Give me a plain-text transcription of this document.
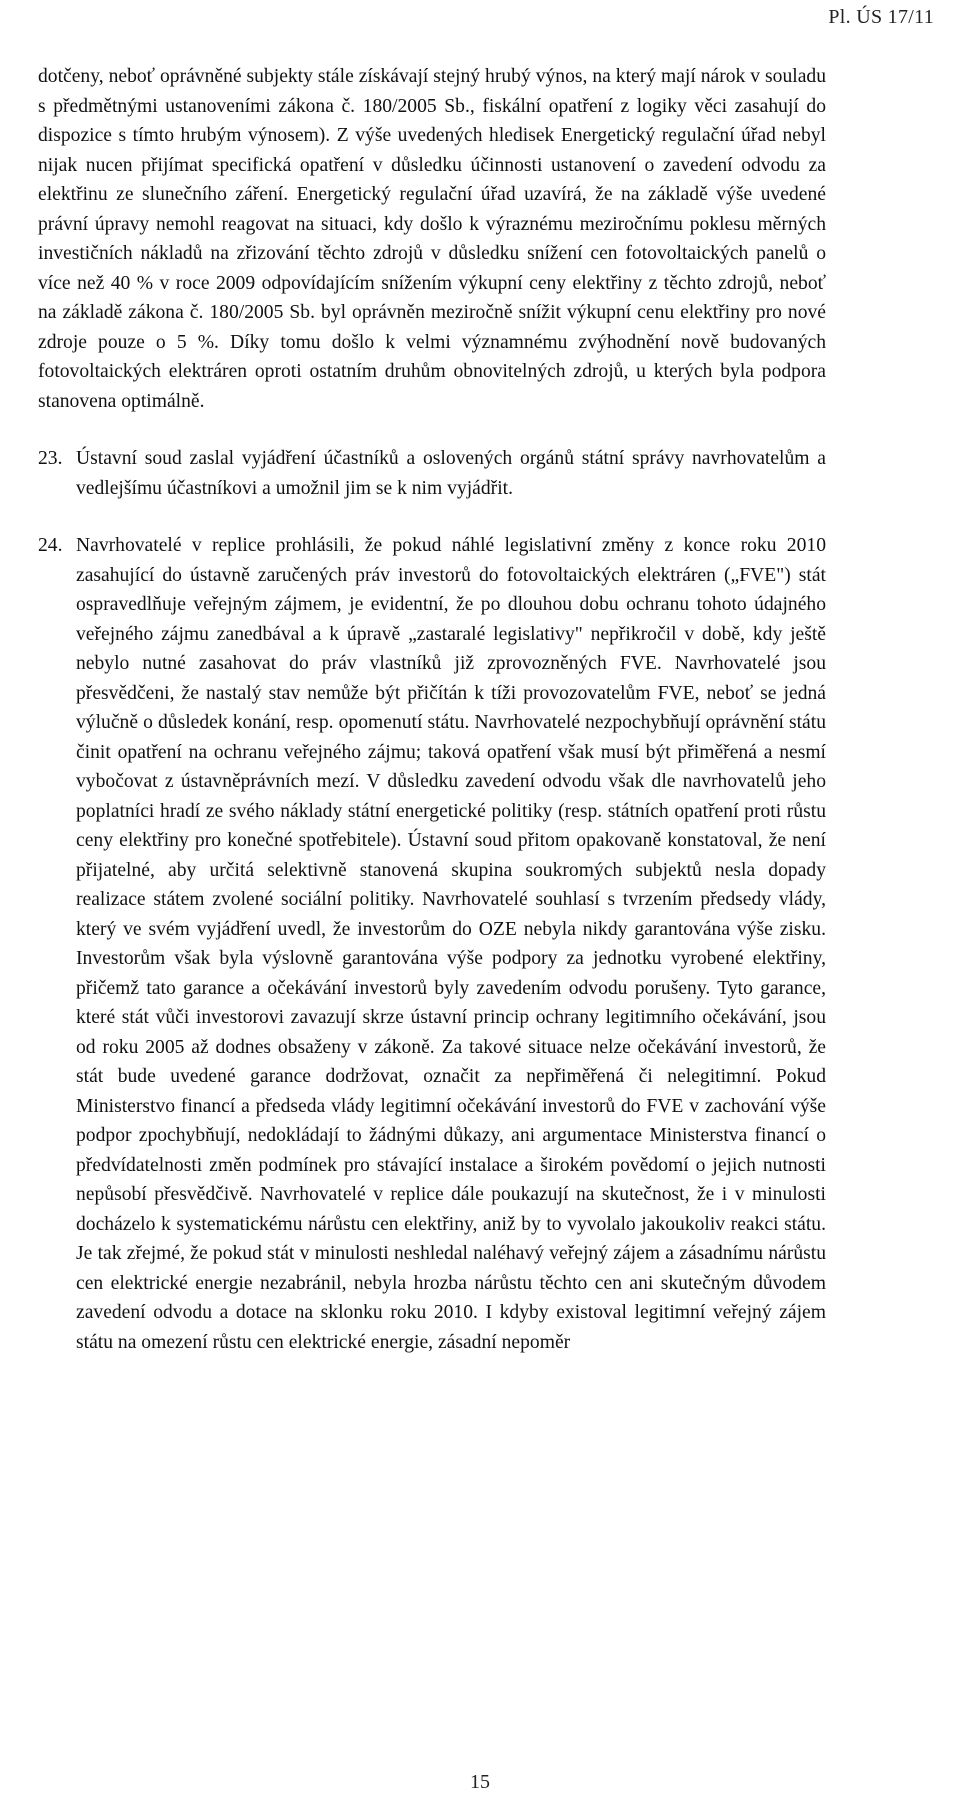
Pl. ÚS 17/11

dotčeny, neboť oprávněné subjekty stále získávají stejný hrubý výnos, na který mají nárok v souladu s předmětnými ustanoveními zákona č. 180/2005 Sb., fiskální opatření z logiky věci zasahují do dispozice s tímto hrubým výnosem). Z výše uvedených hledisek Energetický regulační úřad nebyl nijak nucen přijímat specifická opatření v důsledku účinnosti ustanovení o zavedení odvodu za elektřinu ze slunečního záření. Energetický regulační úřad uzavírá, že na základě výše uvedené právní úpravy nemohl reagovat na situaci, kdy došlo k výraznému meziročnímu poklesu měrných investičních nákladů na zřizování těchto zdrojů v důsledku snížení cen fotovoltaických panelů o více než 40 % v roce 2009 odpovídajícím snížením výkupní ceny elektřiny z těchto zdrojů, neboť na základě zákona č. 180/2005 Sb. byl oprávněn meziročně snížit výkupní cenu elektřiny pro nové zdroje pouze o 5 %. Díky tomu došlo k velmi významnému zvýhodnění nově budovaných fotovoltaických elektráren oproti ostatním druhům obnovitelných zdrojů, u kterých byla podpora stanovena optimálně.

23. Ústavní soud zaslal vyjádření účastníků a oslovených orgánů státní správy navrhovatelům a vedlejšímu účastníkovi a umožnil jim se k nim vyjádřit.
24. Navrhovatelé v replice prohlásili, že pokud náhlé legislativní změny z konce roku 2010 zasahující do ústavně zaručených práv investorů do fotovoltaických elektráren („FVE") stát ospravedlňuje veřejným zájmem, je evidentní, že po dlouhou dobu ochranu tohoto údajného veřejného zájmu zanedbával a k úpravě „zastaralé legislativy" nepřikročil v době, kdy ještě nebylo nutné zasahovat do práv vlastníků již zprovozněných FVE. Navrhovatelé jsou přesvědčeni, že nastalý stav nemůže být přičítán k tíži provozovatelům FVE, neboť se jedná výlučně o důsledek konání, resp. opomenutí státu. Navrhovatelé nezpochybňují oprávnění státu činit opatření na ochranu veřejného zájmu; taková opatření však musí být přiměřená a nesmí vybočovat z ústavněprávních mezí. V důsledku zavedení odvodu však dle navrhovatelů jeho poplatníci hradí ze svého náklady státní energetické politiky (resp. státních opatření proti růstu ceny elektřiny pro konečné spotřebitele). Ústavní soud přitom opakovaně konstatoval, že není přijatelné, aby určitá selektivně stanovená skupina soukromých subjektů nesla dopady realizace státem zvolené sociální politiky. Navrhovatelé souhlasí s tvrzením předsedy vlády, který ve svém vyjádření uvedl, že investorům do OZE nebyla nikdy garantována výše zisku. Investorům však byla výslovně garantována výše podpory za jednotku vyrobené elektřiny, přičemž tato garance a očekávání investorů byly zavedením odvodu porušeny. Tyto garance, které stát vůči investorovi zavazují skrze ústavní princip ochrany legitimního očekávání, jsou od roku 2005 až dodnes obsaženy v zákoně. Za takové situace nelze očekávání investorů, že stát bude uvedené garance dodržovat, označit za nepřiměřená či nelegitimní. Pokud Ministerstvo financí a předseda vlády legitimní očekávání investorů do FVE v zachování výše podpor zpochybňují, nedokládají to žádnými důkazy, ani argumentace Ministerstva financí o předvídatelnosti změn podmínek pro stávající instalace a širokém povědomí o jejich nutnosti nepůsobí přesvědčivě. Navrhovatelé v replice dále poukazují na skutečnost, že i v minulosti docházelo k systematickému nárůstu cen elektřiny, aniž by to vyvolalo jakoukoliv reakci státu. Je tak zřejmé, že pokud stát v minulosti neshledal naléhavý veřejný zájem a zásadnímu nárůstu cen elektrické energie nezabránil, nebyla hrozba nárůstu těchto cen ani skutečným důvodem zavedení odvodu a dotace na sklonku roku 2010. I kdyby existoval legitimní veřejný zájem státu na omezení růstu cen elektrické energie, zásadní nepoměr
15
